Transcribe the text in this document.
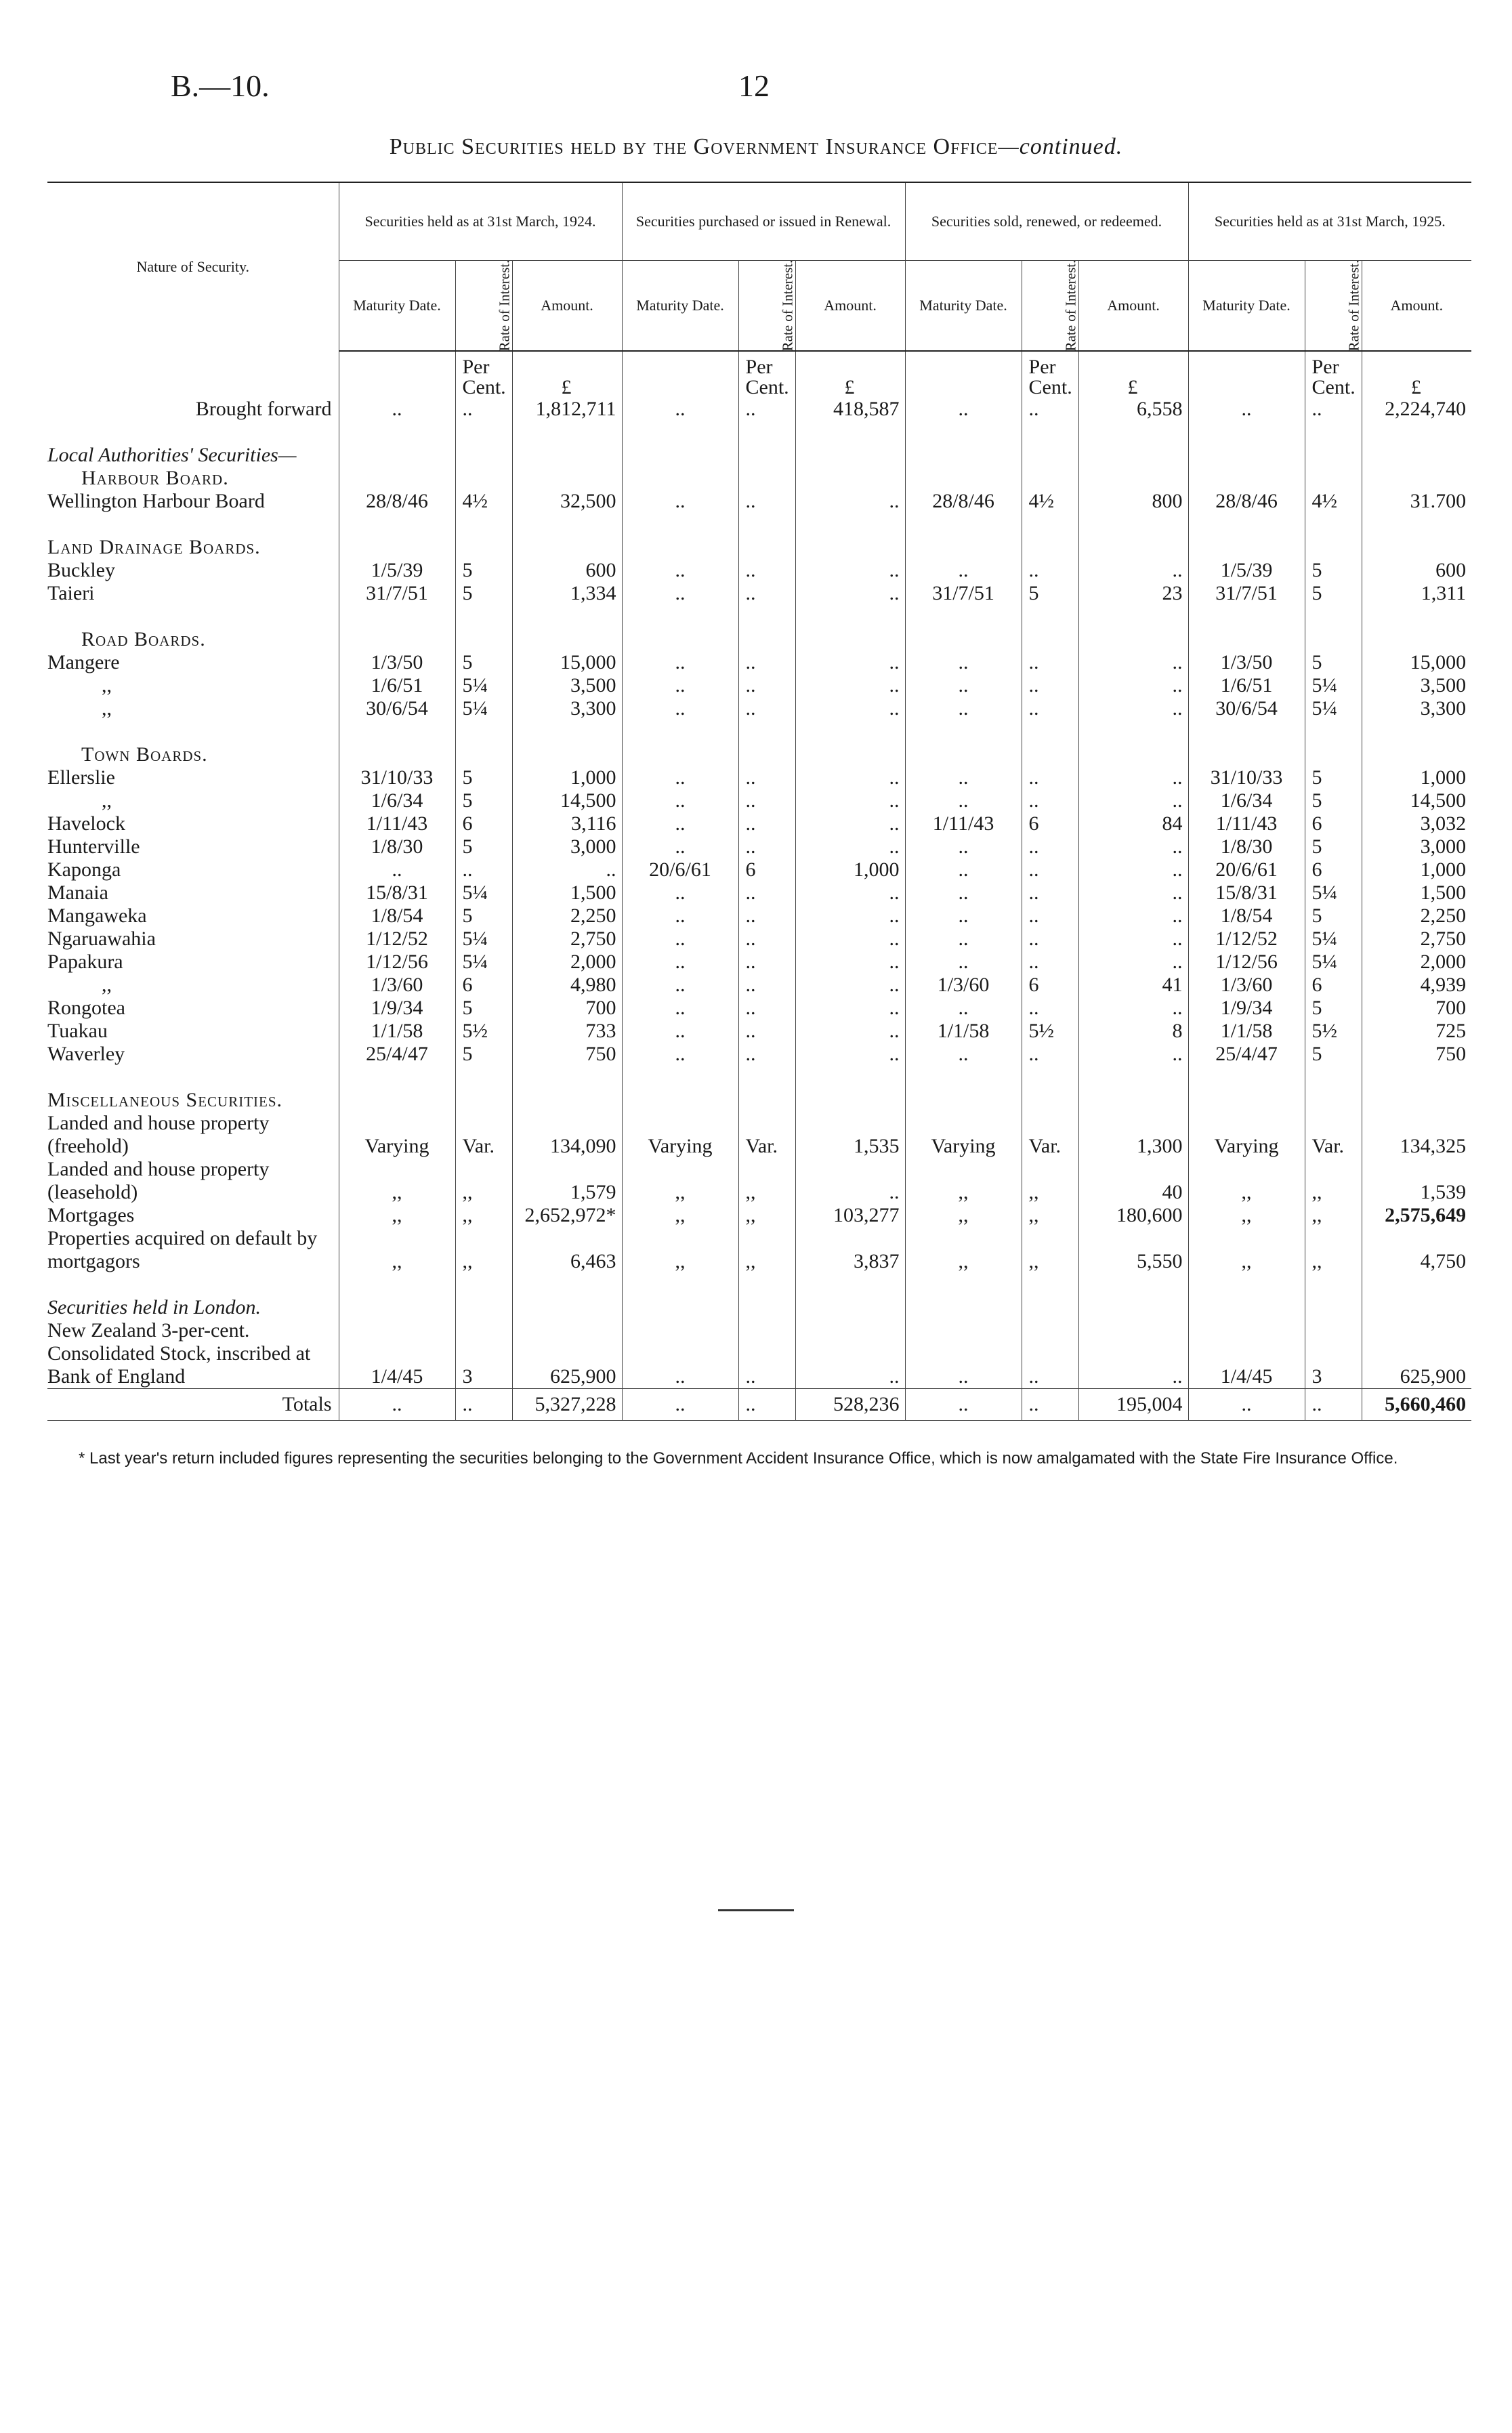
B.—10.	12
Public Securities held by the Government Insurance Office—continued.
Nature of Security.	Securities held as at 31st March, 1924.			Securities purchased or issued in Renewal.			Securities sold, renewed, or redeemed.			Securities held as at 31st March, 1925.		
	Maturity Date.	Rate of Interest.	Amount.	Maturity Date.	Rate of Interest.	Amount.	Maturity Date.	Rate of Interest.	Amount.	Maturity Date.	Rate of Interest.	Amount.
		Per Cent.	£		Per Cent.	£		Per Cent.	£		Per Cent.	£
Brought forward	..	..	1,812,711	..	..	418,587	..	..	6,558	..	..	2,224,740
Local Authorities' Securities—												
Harbour Board.												
Wellington Harbour Board	28/8/46	4½	32,500	..	..	..	28/8/46	4½	800	28/8/46	4½	31.700
Land Drainage Boards.												
Buckley	1/5/39	5	600	..	..	..	..	..	..	1/5/39	5	600
Taieri	31/7/51	5	1,334	..	..	..	31/7/51	5	23	31/7/51	5	1,311
Road Boards.												
Mangere	1/3/50	5	15,000	..	..	..	..	..	..	1/3/50	5	15,000
,,	1/6/51	5¼	3,500	..	..	..	..	..	..	1/6/51	5¼	3,500
,,	30/6/54	5¼	3,300	..	..	..	..	..	..	30/6/54	5¼	3,300
Town Boards.												
Ellerslie	31/10/33	5	1,000	..	..	..	..	..	..	31/10/33	5	1,000
,,	1/6/34	5	14,500	..	..	..	..	..	..	1/6/34	5	14,500
Havelock	1/11/43	6	3,116	..	..	..	1/11/43	6	84	1/11/43	6	3,032
Hunterville	1/8/30	5	3,000	..	..	..	..	..	..	1/8/30	5	3,000
Kaponga	..	..	..	20/6/61	6	1,000	..	..	..	20/6/61	6	1,000
Manaia	15/8/31	5¼	1,500	..	..	..	..	..	..	15/8/31	5¼	1,500
Mangaweka	1/8/54	5	2,250	..	..	..	..	..	..	1/8/54	5	2,250
Ngaruawahia	1/12/52	5¼	2,750	..	..	..	..	..	..	1/12/52	5¼	2,750
Papakura	1/12/56	5¼	2,000	..	..	..	..	..	..	1/12/56	5¼	2,000
,,	1/3/60	6	4,980	..	..	..	1/3/60	6	41	1/3/60	6	4,939
Rongotea	1/9/34	5	700	..	..	..	..	..	..	1/9/34	5	700
Tuakau	1/1/58	5½	733	..	..	..	1/1/58	5½	8	1/1/58	5½	725
Waverley	25/4/47	5	750	..	..	..	..	..	..	25/4/47	5	750
Miscellaneous Securities.												
Landed and house property (freehold)	Varying	Var.	134,090	Varying	Var.	1,535	Varying	Var.	1,300	Varying	Var.	134,325
Landed and house property (leasehold)	,,	,,	1,579	,,	,,	..	,,	,,	40	,,	,,	1,539
Mortgages	,,	,,	2,652,972*	,,	,,	103,277	,,	,,	180,600	,,	,,	2,575,649
Properties acquired on default by mortgagors	,,	,,	6,463	,,	,,	3,837	,,	,,	5,550	,,	,,	4,750
Securities held in London.												
New Zealand 3-per-cent. Consolidated Stock, inscribed at Bank of England	1/4/45	3	625,900	..	..	..	..	..	..	1/4/45	3	625,900
Totals	..	..	5,327,228	..	..	528,236	..	..	195,004	..	..	5,660,460
* Last year's return included figures representing the securities belonging to the Government Accident Insurance Office, which is now amalgamated with the State Fire Insurance Office.
